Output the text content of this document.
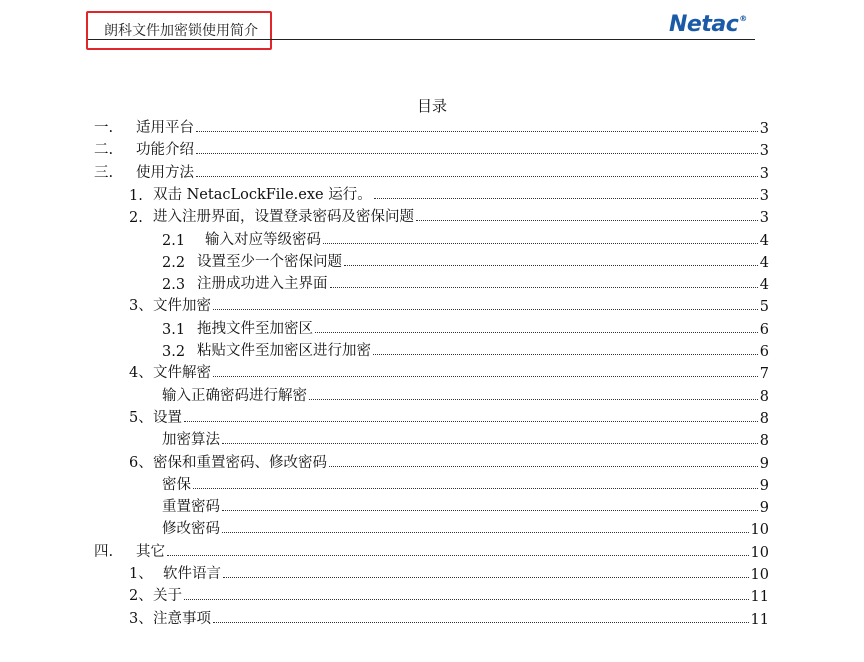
朗科文件加密锁使用简介	Netac®
目录
一.	适用平台	3
二.	功能介绍	3
三.	使用方法	3
1. 双击 NetacLockFile.exe 运行。	3
2. 进入注册界面，设置登录密码及密保问题	3
2.1	输入对应等级密码	4
2.2 设置至少一个密保问题	4
2.3 注册成功进入主界面	4
3、 文件加密	5
3.1 拖拽文件至加密区	6
3.2 粘贴文件至加密区进行加密	6
4、 文件解密	7
输入正确密码进行解密	8
5、 设置	8
加密算法	8
6、 密保和重置密码、修改密码	9
密保	9
重置密码	9
修改密码	10
四.	其它	10
1、 软件语言	10
2、 关于	11
3、 注意事项	11
